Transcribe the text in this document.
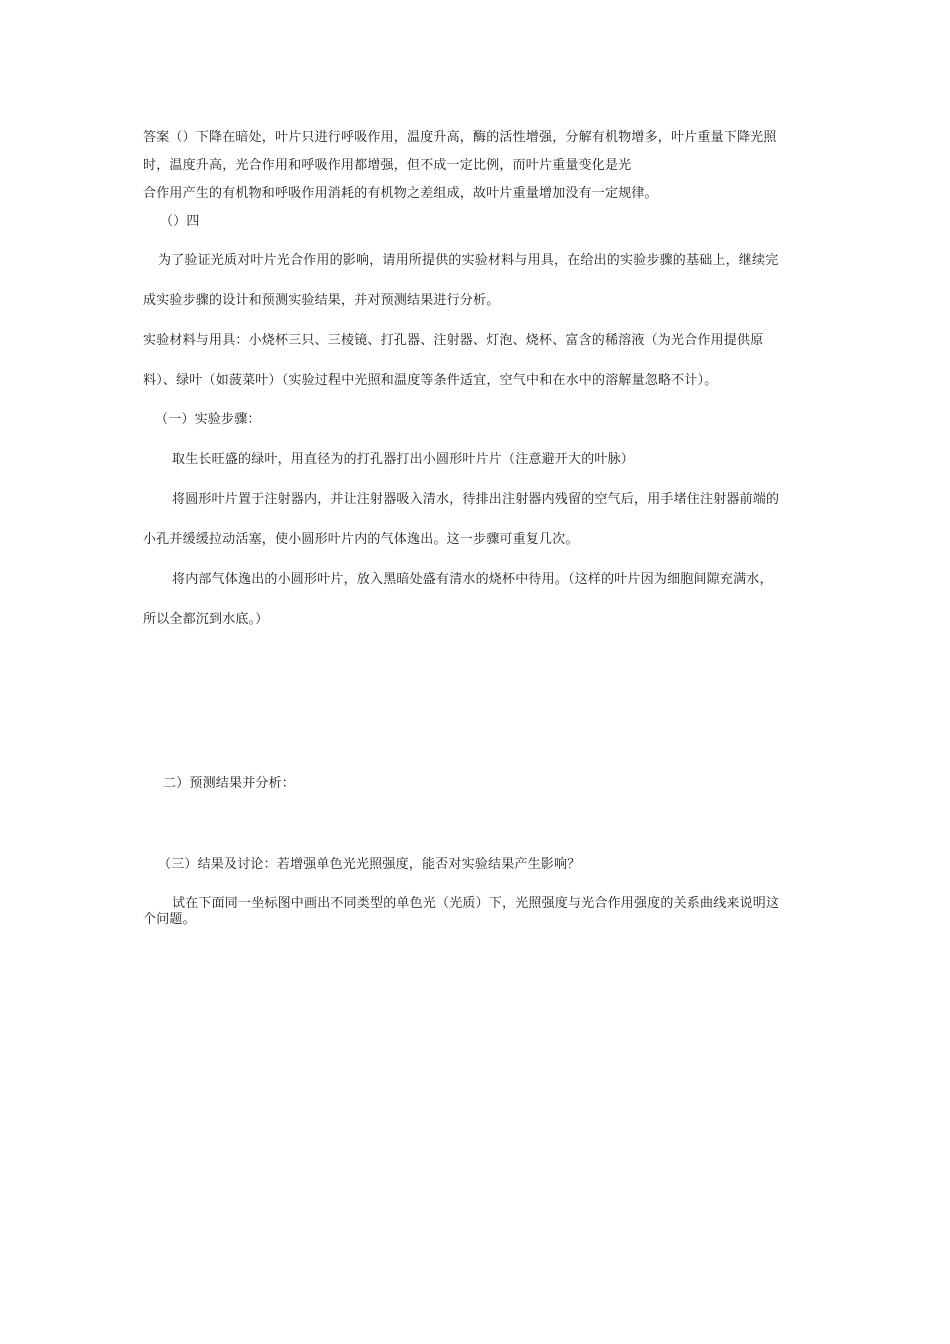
答案（）下降在暗处，叶片只进行呼吸作用，温度升高，酶的活性增强，分解有机物增多，叶片重量下降光照
时，温度升高，光合作用和呼吸作用都增强，但不成一定比例，而叶片重量变化是光
合作用产生的有机物和呼吸作用消耗的有机物之差组成，故叶片重量增加没有一定规律。
（）四
为了验证光质对叶片光合作用的影响，请用所提供的实验材料与用具，在给出的实验步骤的基础上，继续完
成实验步骤的设计和预测实验结果，并对预测结果进行分析。
实验材料与用具：小烧杯三只、三棱镜、打孔器、注射器、灯泡、烧杯、富含的稀溶液（为光合作用提供原
料）、绿叶（如菠菜叶）（实验过程中光照和温度等条件适宜，空气中和在水中的溶解量忽略不计）。
（一）实验步骤：
取生长旺盛的绿叶，用直径为的打孔器打出小圆形叶片片（注意避开大的叶脉）
将圆形叶片置于注射器内，并让注射器吸入清水，待排出注射器内残留的空气后，用手堵住注射器前端的
小孔并缓缓拉动活塞，使小圆形叶片内的气体逸出。这一步骤可重复几次。
将内部气体逸出的小圆形叶片，放入黑暗处盛有清水的烧杯中待用。（这样的叶片因为细胞间隙充满水，
所以全都沉到水底。）
二）预测结果并分析：
（三）结果及讨论：若增强单色光光照强度，能否对实验结果产生影响？
试在下面同一坐标图中画出不同类型的单色光（光质）下，光照强度与光合作用强度的关系曲线来说明这
个问题。
